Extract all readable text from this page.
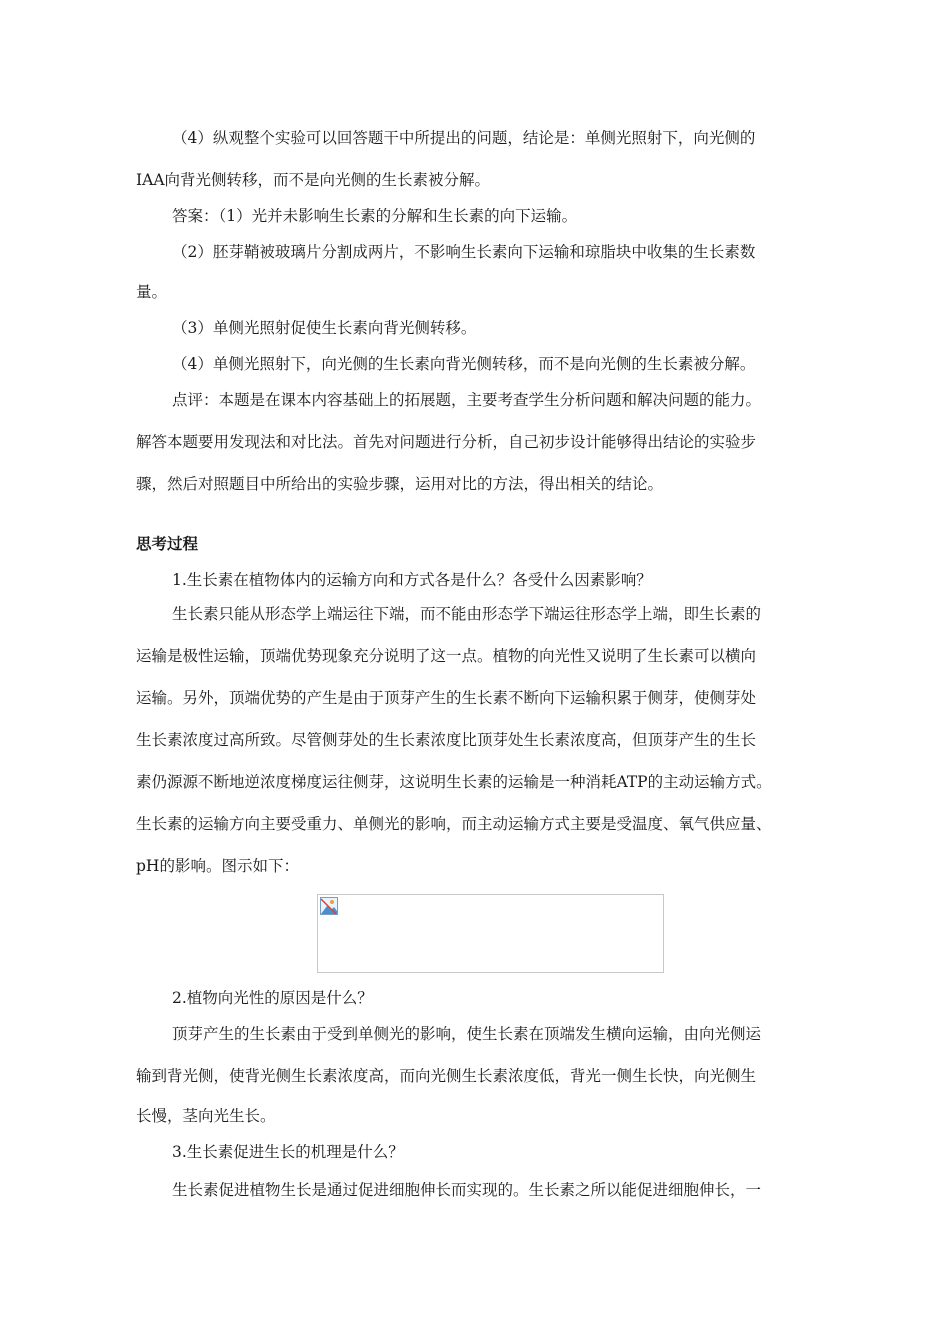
（4）纵观整个实验可以回答题干中所提出的问题，结论是：单侧光照射下，向光侧的
IAA向背光侧转移，而不是向光侧的生长素被分解。
答案：（1）光并未影响生长素的分解和生长素的向下运输。
（2）胚芽鞘被玻璃片分割成两片，不影响生长素向下运输和琼脂块中收集的生长素数
量。
（3）单侧光照射促使生长素向背光侧转移。
（4）单侧光照射下，向光侧的生长素向背光侧转移，而不是向光侧的生长素被分解。
点评：本题是在课本内容基础上的拓展题，主要考查学生分析问题和解决问题的能力。
解答本题要用发现法和对比法。首先对问题进行分析，自己初步设计能够得出结论的实验步
骤，然后对照题目中所给出的实验步骤，运用对比的方法，得出相关的结论。
思考过程
1.生长素在植物体内的运输方向和方式各是什么？各受什么因素影响？
生长素只能从形态学上端运往下端，而不能由形态学下端运往形态学上端，即生长素的
运输是极性运输，顶端优势现象充分说明了这一点。植物的向光性又说明了生长素可以横向
运输。另外，顶端优势的产生是由于顶芽产生的生长素不断向下运输积累于侧芽，使侧芽处
生长素浓度过高所致。尽管侧芽处的生长素浓度比顶芽处生长素浓度高，但顶芽产生的生长
素仍源源不断地逆浓度梯度运往侧芽，这说明生长素的运输是一种消耗ATP的主动运输方式。
生长素的运输方向主要受重力、单侧光的影响，而主动运输方式主要是受温度、氧气供应量、
pH的影响。图示如下：
2.植物向光性的原因是什么？
顶芽产生的生长素由于受到单侧光的影响，使生长素在顶端发生横向运输，由向光侧运
输到背光侧，使背光侧生长素浓度高，而向光侧生长素浓度低，背光一侧生长快，向光侧生
长慢，茎向光生长。
3.生长素促进生长的机理是什么？
生长素促进植物生长是通过促进细胞伸长而实现的。生长素之所以能促进细胞伸长，一
